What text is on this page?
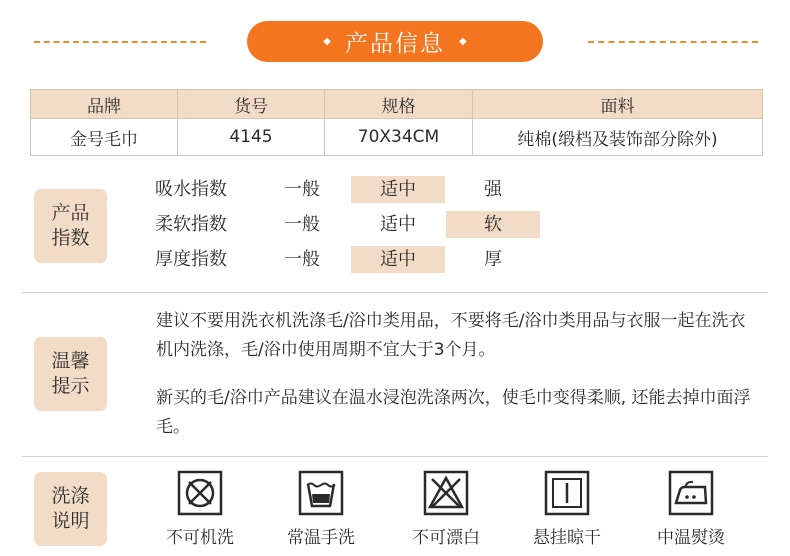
◆ 产品信息 ◆
品牌	货号	规格	面料
金号毛巾	4145	70X34CM	纯棉(缎档及装饰部分除外)
产品
指数
吸水指数	一般	适中	强
柔软指数	一般	适中	软
厚度指数	一般	适中	厚
温馨
提示
建议不要用洗衣机洗涤毛/浴巾类用品，不要将毛/浴巾类用品与衣服一起在洗衣机内洗涤，毛/浴巾使用周期不宜大于3个月。
新买的毛/浴巾产品建议在温水浸泡洗涤两次，使毛巾变得柔顺, 还能去掉巾面浮毛。
洗涤
说明
不可机洗	常温手洗	不可漂白	悬挂晾干	中温熨烫
